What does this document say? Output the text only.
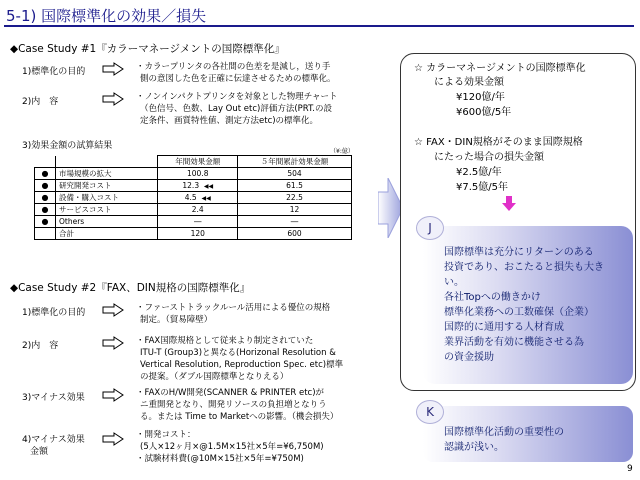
5-1) 国際標準化の効果／損失
◆Case Study #1『カラーマネージメントの国際標準化』
1)標準化の目的	・カラープリンタの各社間の色差を是減し，送り手
側の意図した色を正確に伝達させるための標準化。
2)内　容	・ノンインパクトプリンタを対象とした物理チャート
（色信号、色数、Lay Out etc)評価方法(PRT.の設
定条件、画質特性値、測定方法etc)の標準化。
3)効果金額の試算結果
（¥:億）
		年間効果金額	５年間累計効果金額
●	市場規模の拡大	100.8	504
●	研究開発コスト	12.3 ◀◀	61.5
●	設備・購入コスト	4.5 ◀◀	22.5
●	サービスコスト	2.4	12
●	Others	―	―
	合計	120	600
◆Case Study #2『FAX、DIN規格の国際標準化』
1)標準化の目的	・ファーストトラックルール活用による優位の規格
制定。（貿易障壁）
2)内　容	・FAX国際規格として従来より制定されていた
ITU-T (Group3)と異なる(Horizonal Resolution &
Vertical Resolution, Reproduction Spec. etc)標準
の提案。（ダブル国際標準となりえる）
3)マイナス効果	・FAXのH/W開発(SCANNER & PRINTER etc)が
ニ重開発となり、開発リソースの負担増となりう
る。または Time to Marketへの影響。（機会損失）
4)マイナス効果
金額
・開発コスト：
(5人×12ヶ月×@1.5M×15社×5年=¥6,750M)
・試験材料費(@10M×15社×5年=¥750M)
☆ カラーマネージメントの国際標準化
による効果金額
¥120億/年
¥600億/5年
☆ FAX・DIN規格がそのまま国際規格
にたった場合の損失金額
¥2.5億/年
¥7.5億/5年
J
国際標準は充分にリターンのある
投資であり、おこたると損失も大き
い。
各社Topへの働きかけ
標準化業務への工数確保（企業）
国際的に通用する人材育成
業界活動を有効に機能させる為
の資金援助
K
国際標準化活動の重要性の
認識が浅い。
9
